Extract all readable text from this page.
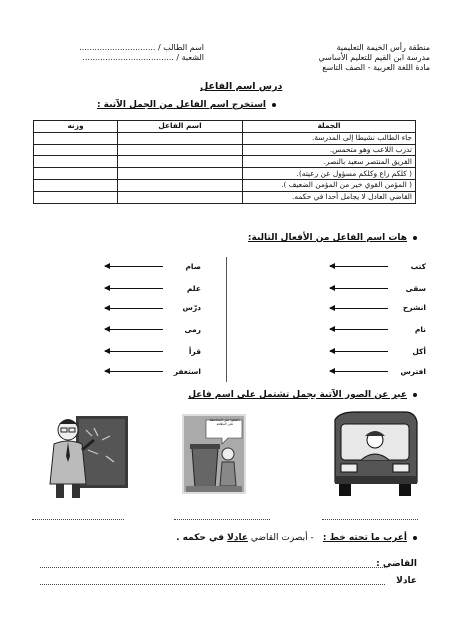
منطقة رأس الخيمة التعليمية
مدرسة ابن القيم للتعليم الأساسي
مادة اللغة العربية - الصف التاسع
اسم الطالب / ..............................
الشعبة / ....................................
درس اسم الفاعل
استخرج اسم الفاعل من الجمل الآتية :
الجملة	اسم الفاعل	وزنه
جاء الطالب نشيطا إلى المدرسة.		
تدرب اللاعب وهو متحمس.		
الفريق المنتصر سعيد بالنصر.		
( كلكم راع وكلكم مسؤول عن رعيته).		
( المؤمن القوي خير من المؤمن الضعيف ).		
القاضي العادل لا يجامل أحدا في حكمه.		
هات اسم الفاعل من الأفعال التالية:
كتب
سقى
انشرح
نام
أكل
افترس
صام
علم
درّس
رمى
قرأ
استغفر
عبر عن الصور الآتية بجمل تشتمل على اسم فاعل
حافظوا على المحافظة على النظافة
أعرب ما تحته خط : - أبصرت القاضي عادلا في حكمه .
القاضي :
عادلا
